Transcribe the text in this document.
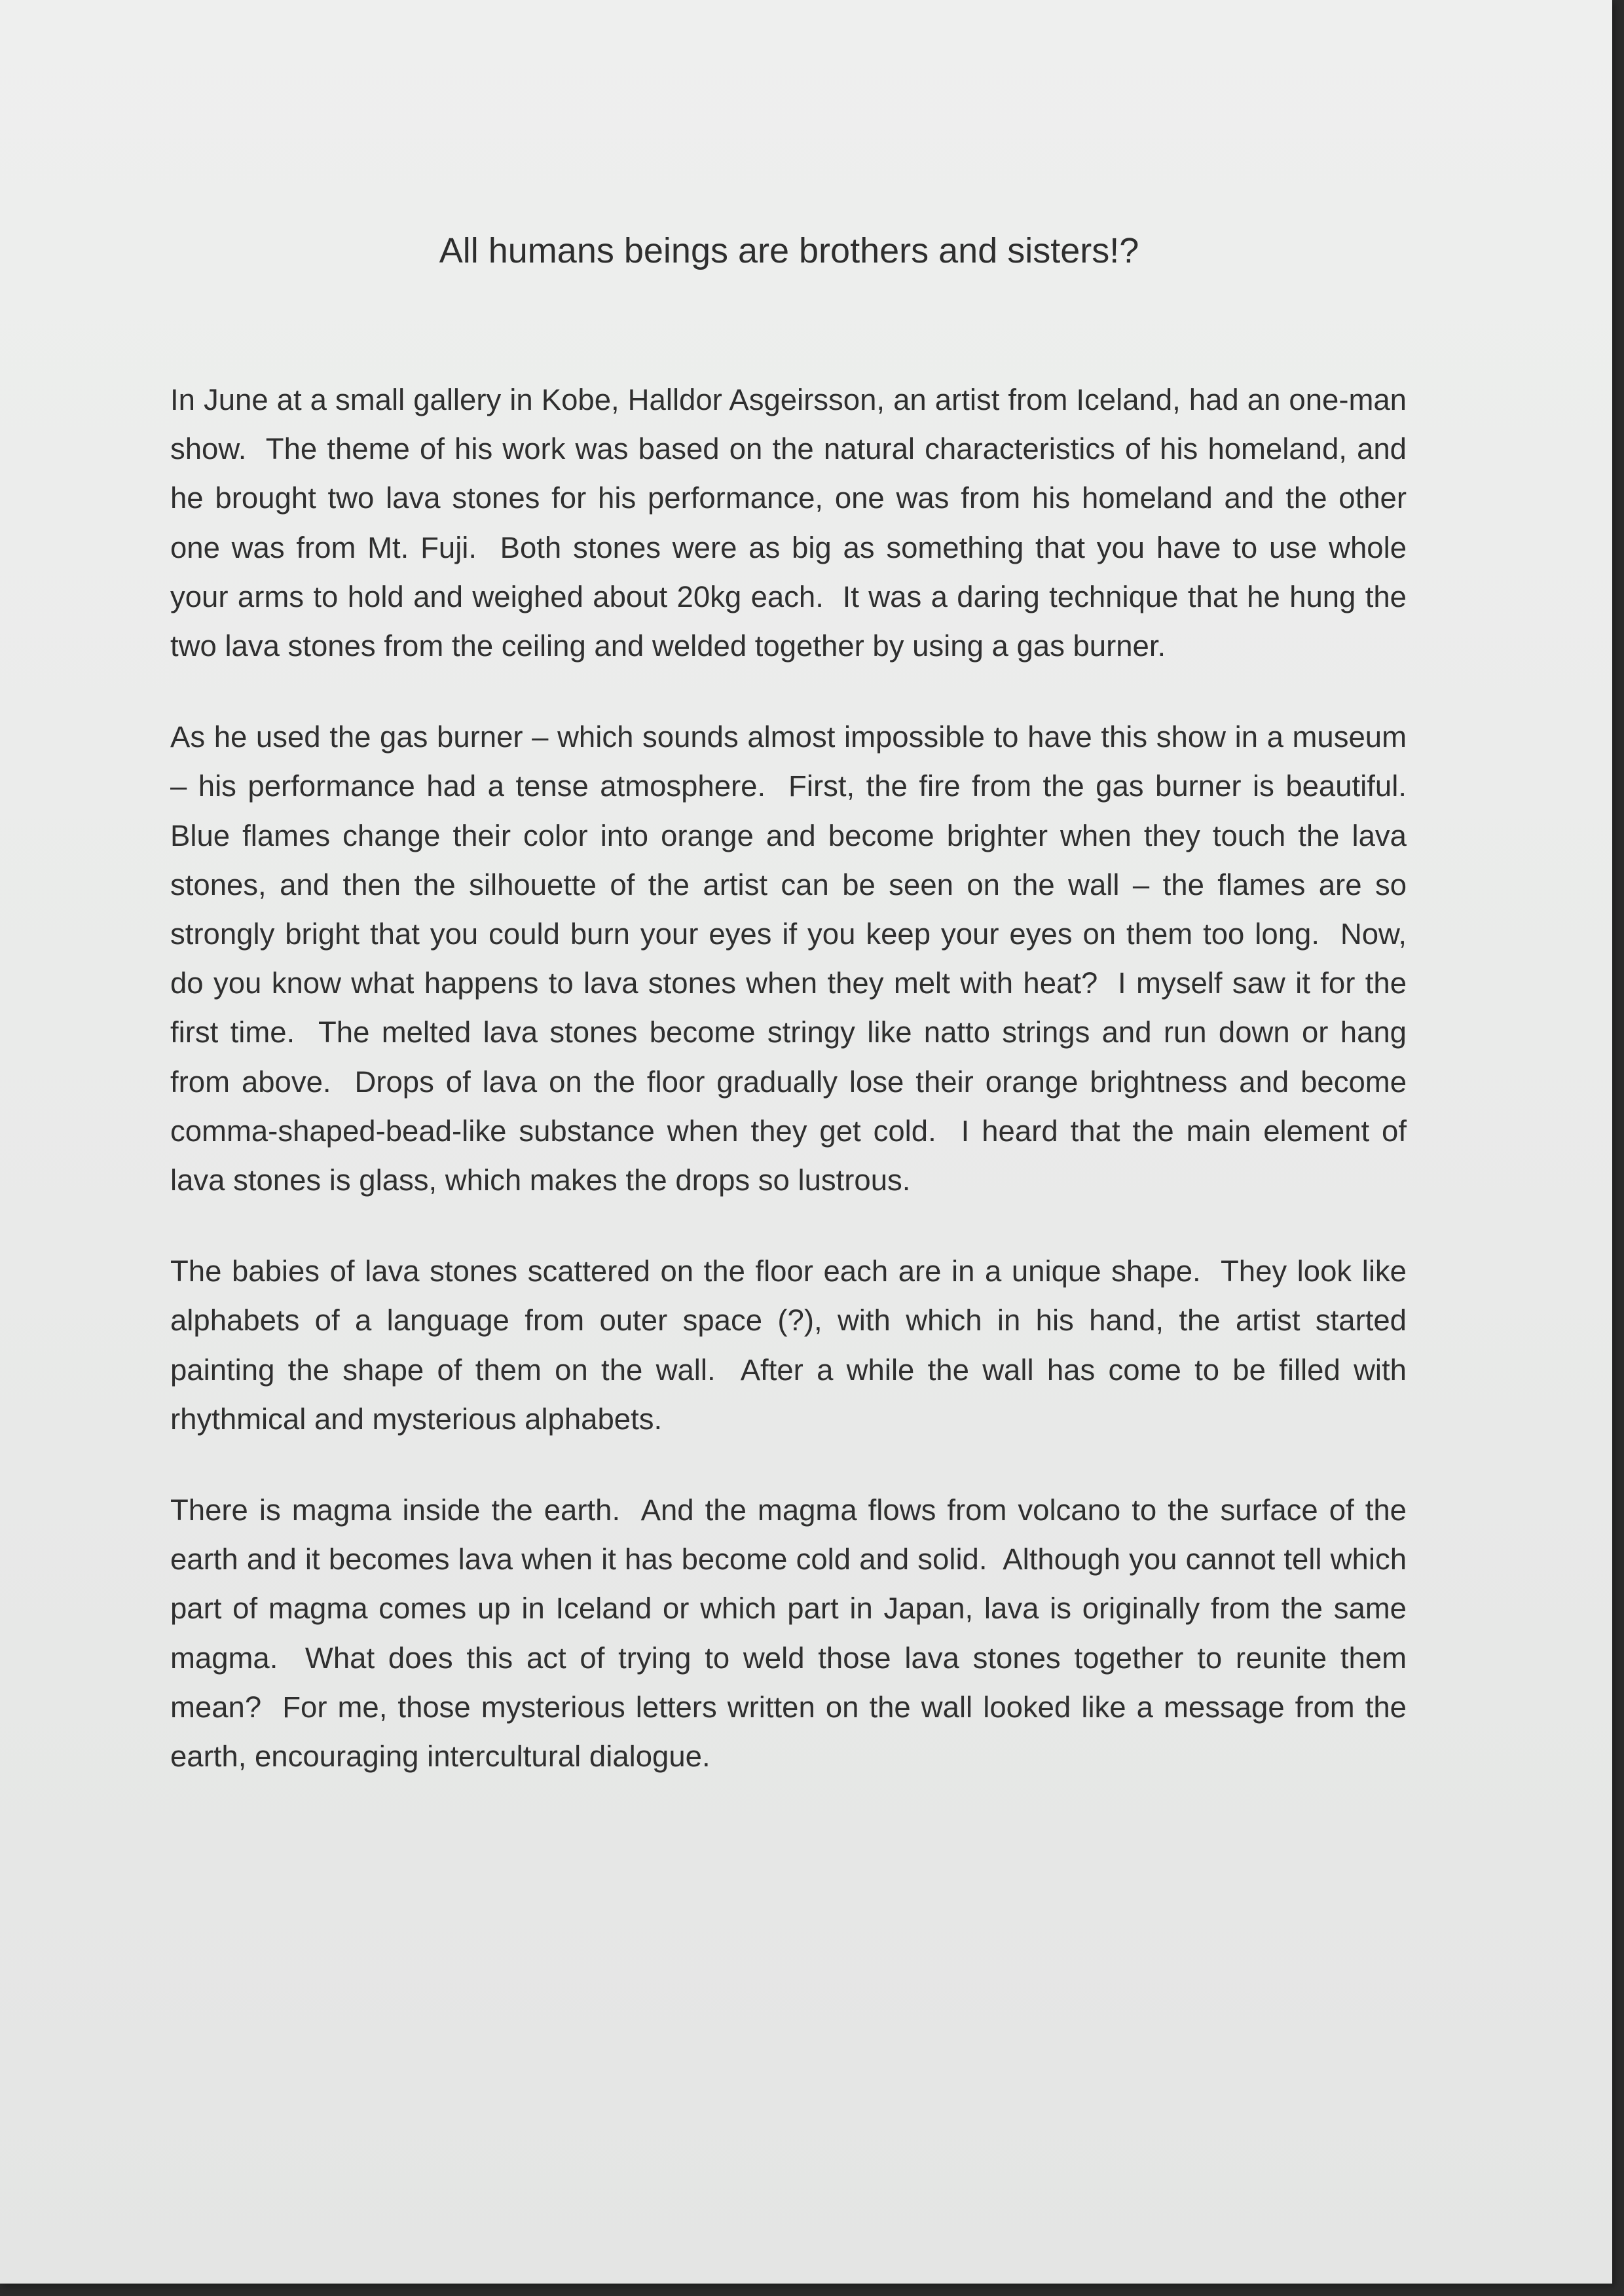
All humans beings are brothers and sisters!?

In June at a small gallery in Kobe, Halldor Asgeirsson, an artist from Iceland, had an one-man show.  The theme of his work was based on the natural characteristics of his homeland, and he brought two lava stones for his performance, one was from his homeland and the other one was from Mt. Fuji.  Both stones were as big as something that you have to use whole your arms to hold and weighed about 20kg each.  It was a daring technique that he hung the two lava stones from the ceiling and welded together by using a gas burner.

As he used the gas burner – which sounds almost impossible to have this show in a museum – his performance had a tense atmosphere.  First, the fire from the gas burner is beautiful.  Blue flames change their color into orange and become brighter when they touch the lava stones, and then the silhouette of the artist can be seen on the wall – the flames are so strongly bright that you could burn your eyes if you keep your eyes on them too long.  Now, do you know what happens to lava stones when they melt with heat?  I myself saw it for the first time.  The melted lava stones become stringy like natto strings and run down or hang from above.  Drops of lava on the floor gradually lose their orange brightness and become comma-shaped-bead-like substance when they get cold.  I heard that the main element of lava stones is glass, which makes the drops so lustrous.

The babies of lava stones scattered on the floor each are in a unique shape.  They look like alphabets of a language from outer space (?), with which in his hand, the artist started painting the shape of them on the wall.  After a while the wall has come to be filled with rhythmical and mysterious alphabets.

There is magma inside the earth.  And the magma flows from volcano to the surface of the earth and it becomes lava when it has become cold and solid.  Although you cannot tell which part of magma comes up in Iceland or which part in Japan, lava is originally from the same magma.  What does this act of trying to weld those lava stones together to reunite them mean?  For me, those mysterious letters written on the wall looked like a message from the earth, encouraging intercultural dialogue.
